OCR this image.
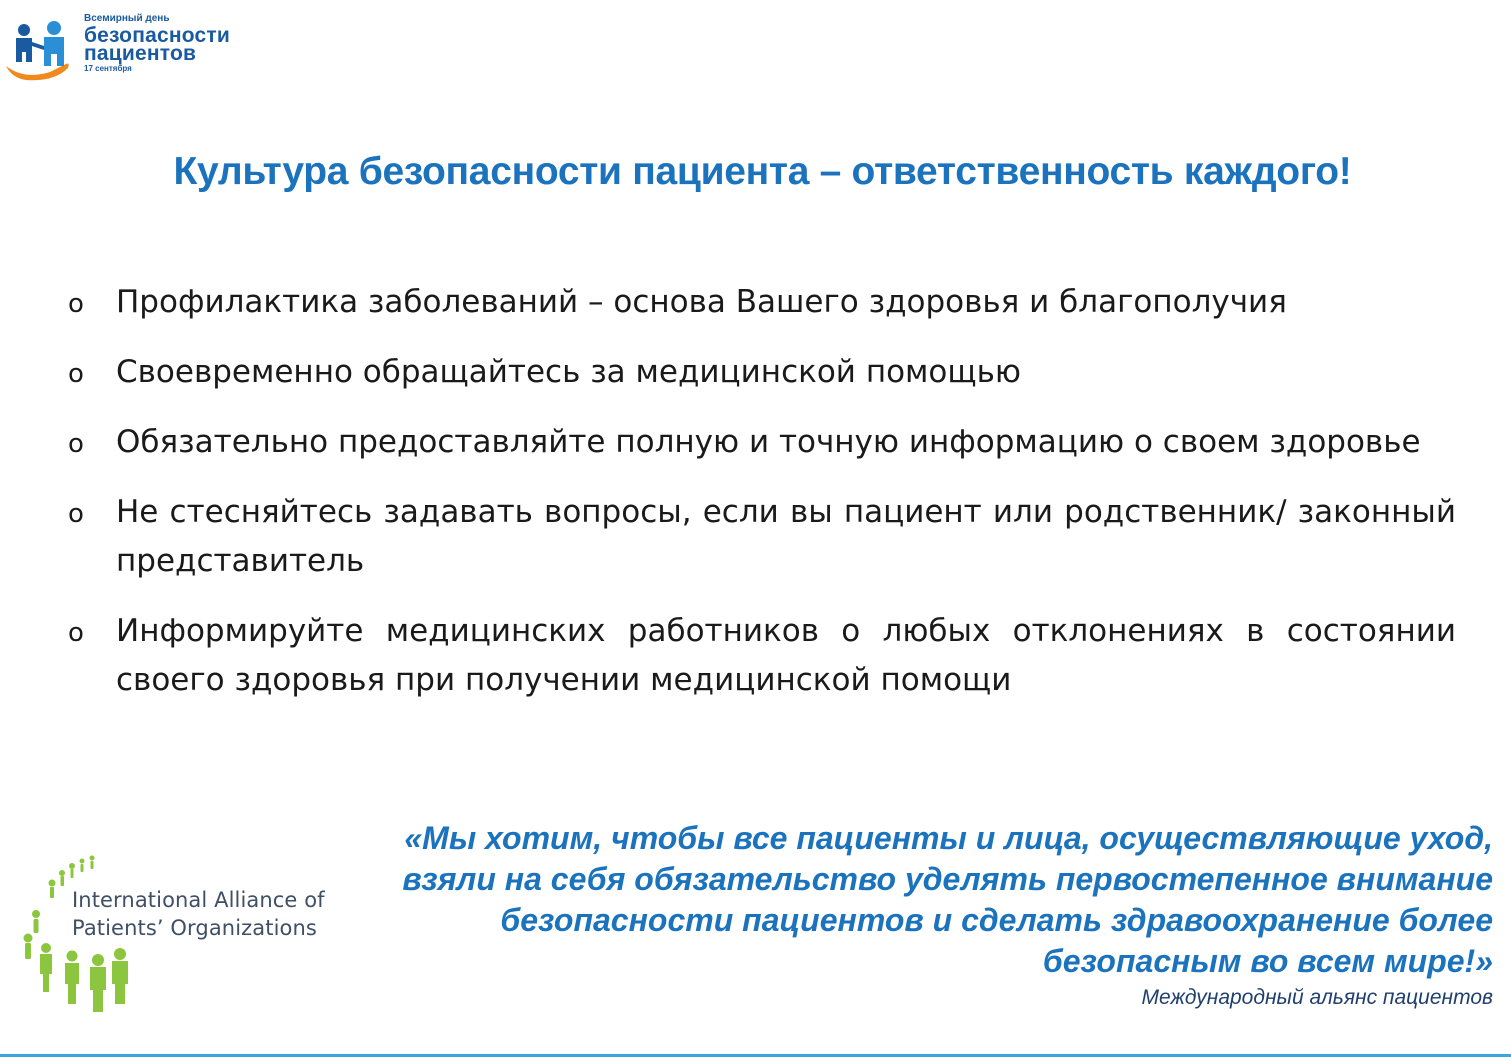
Всемирный день
безопасности
пациентов
17 сентября
Культура безопасности пациента – ответственность каждого!
o Профилактика заболеваний – основа Вашего здоровья и благополучия
o Своевременно обращайтесь за медицинской помощью
o Обязательно предоставляйте полную и точную информацию о своем здоровье
o Не стесняйтесь задавать вопросы, если вы пациент или родственник/ законный представитель
o Информируйте медицинских работников о любых отклонениях в состоянии своего здоровья при получении медицинской помощи
International Alliance of
Patients’ Organizations
«Мы хотим, чтобы все пациенты и лица, осуществляющие уход, взяли на себя обязательство уделять первостепенное внимание безопасности пациентов и сделать здравоохранение более безопасным во всем мире!»
Международный альянс пациентов
